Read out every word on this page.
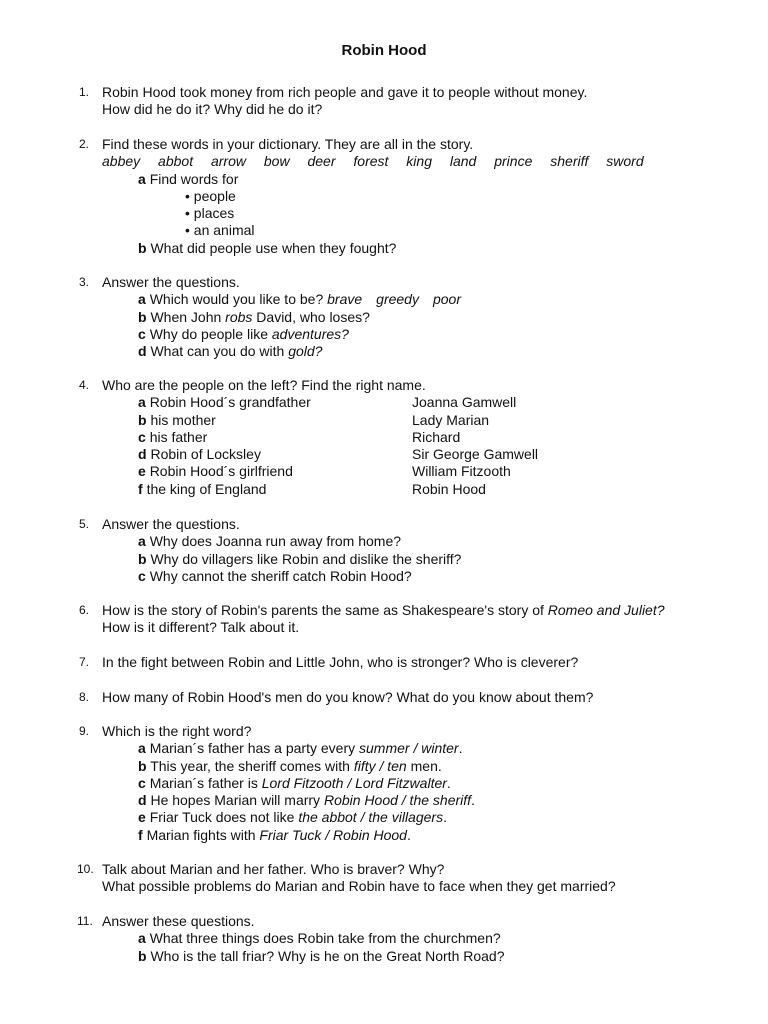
Robin Hood
1. Robin Hood took money from rich people and gave it to people without money.
How did he do it? Why did he do it?
2. Find these words in your dictionary. They are all in the story.
abbey abbot arrow bow deer forest king land prince sheriff sword
a Find words for
• people
• places
• an animal
b What did people use when they fought?
3. Answer the questions.
a Which would you like to be? brave greedy poor
b When John robs David, who loses?
c Why do people like adventures?
d What can you do with gold?
4. Who are the people on the left? Find the right name.
a Robin Hood´s grandfather	Joanna Gamwell
b his mother	Lady Marian
c his father	Richard
d Robin of Locksley	Sir George Gamwell
e Robin Hood´s girlfriend	William Fitzooth
f the king of England	Robin Hood
5. Answer the questions.
a Why does Joanna run away from home?
b Why do villagers like Robin and dislike the sheriff?
c Why cannot the sheriff catch Robin Hood?
6. How is the story of Robin's parents the same as Shakespeare's story of Romeo and Juliet?
How is it different? Talk about it.
7. In the fight between Robin and Little John, who is stronger? Who is cleverer?
8. How many of Robin Hood's men do you know? What do you know about them?
9. Which is the right word?
a Marian´s father has a party every summer / winter.
b This year, the sheriff comes with fifty / ten men.
c Marian´s father is Lord Fitzooth / Lord Fitzwalter.
d He hopes Marian will marry Robin Hood / the sheriff.
e Friar Tuck does not like the abbot / the villagers.
f Marian fights with Friar Tuck / Robin Hood.
10. Talk about Marian and her father. Who is braver? Why?
What possible problems do Marian and Robin have to face when they get married?
11. Answer these questions.
a What three things does Robin take from the churchmen?
b Who is the tall friar? Why is he on the Great North Road?
